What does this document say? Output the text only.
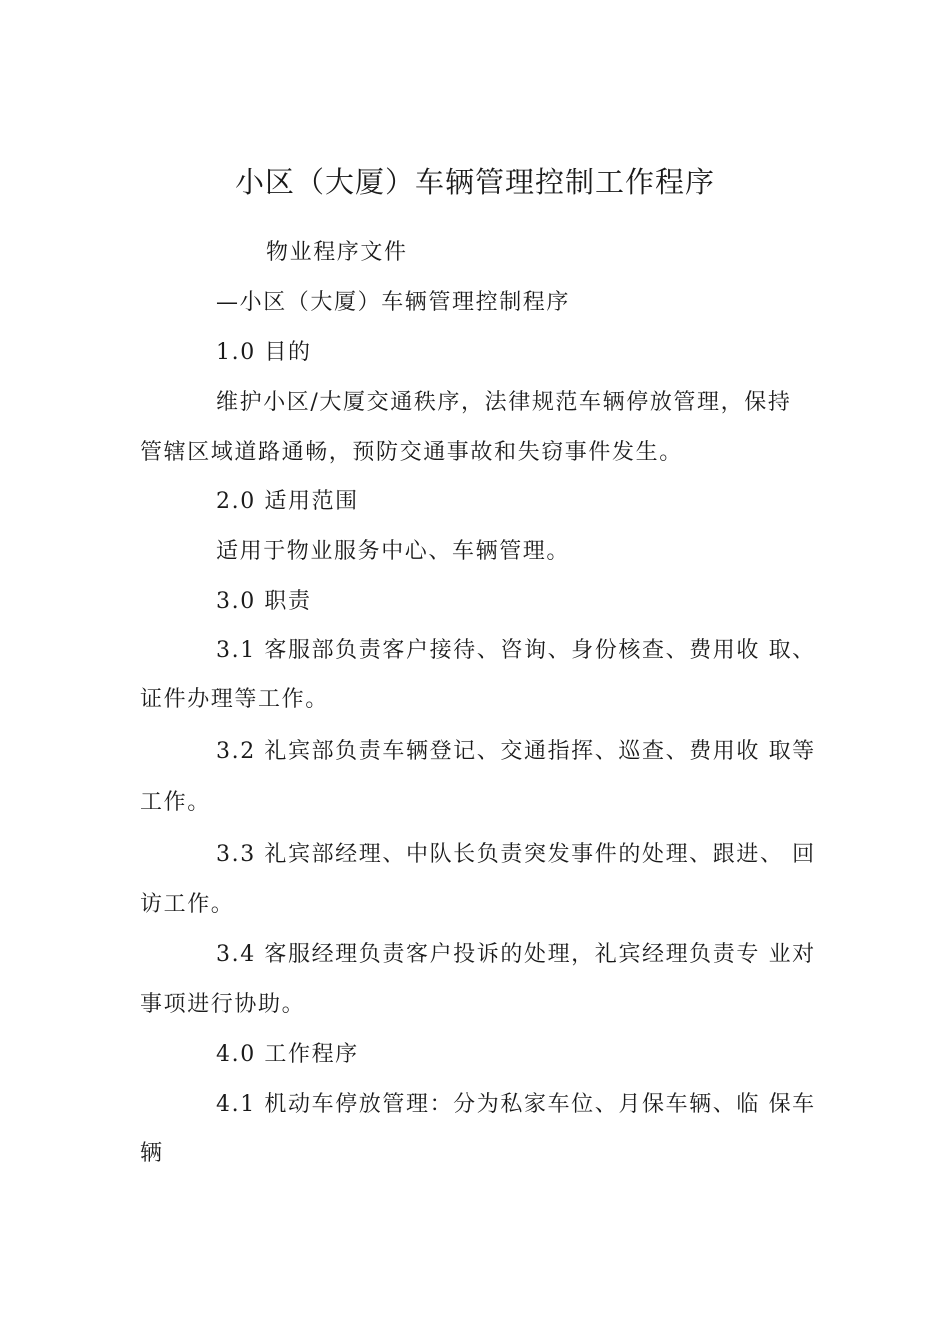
小区（大厦）车辆管理控制工作程序
物业程序文件
—小区（大厦）车辆管理控制程序
1.0 目的
维护小区/大厦交通秩序，法律规范车辆停放管理，保持
管辖区域道路通畅，预防交通事故和失窃事件发生。
2.0 适用范围
适用于物业服务中心、车辆管理。
3.0 职责
3.1 客服部负责客户接待、咨询、身份核查、费用收 取、
证件办理等工作。
3.2 礼宾部负责车辆登记、交通指挥、巡查、费用收 取等
工作。
3.3 礼宾部经理、中队长负责突发事件的处理、跟进、 回
访工作。
3.4 客服经理负责客户投诉的处理，礼宾经理负责专 业对
事项进行协助。
4.0 工作程序
4.1 机动车停放管理：分为私家车位、月保车辆、临 保车
辆
